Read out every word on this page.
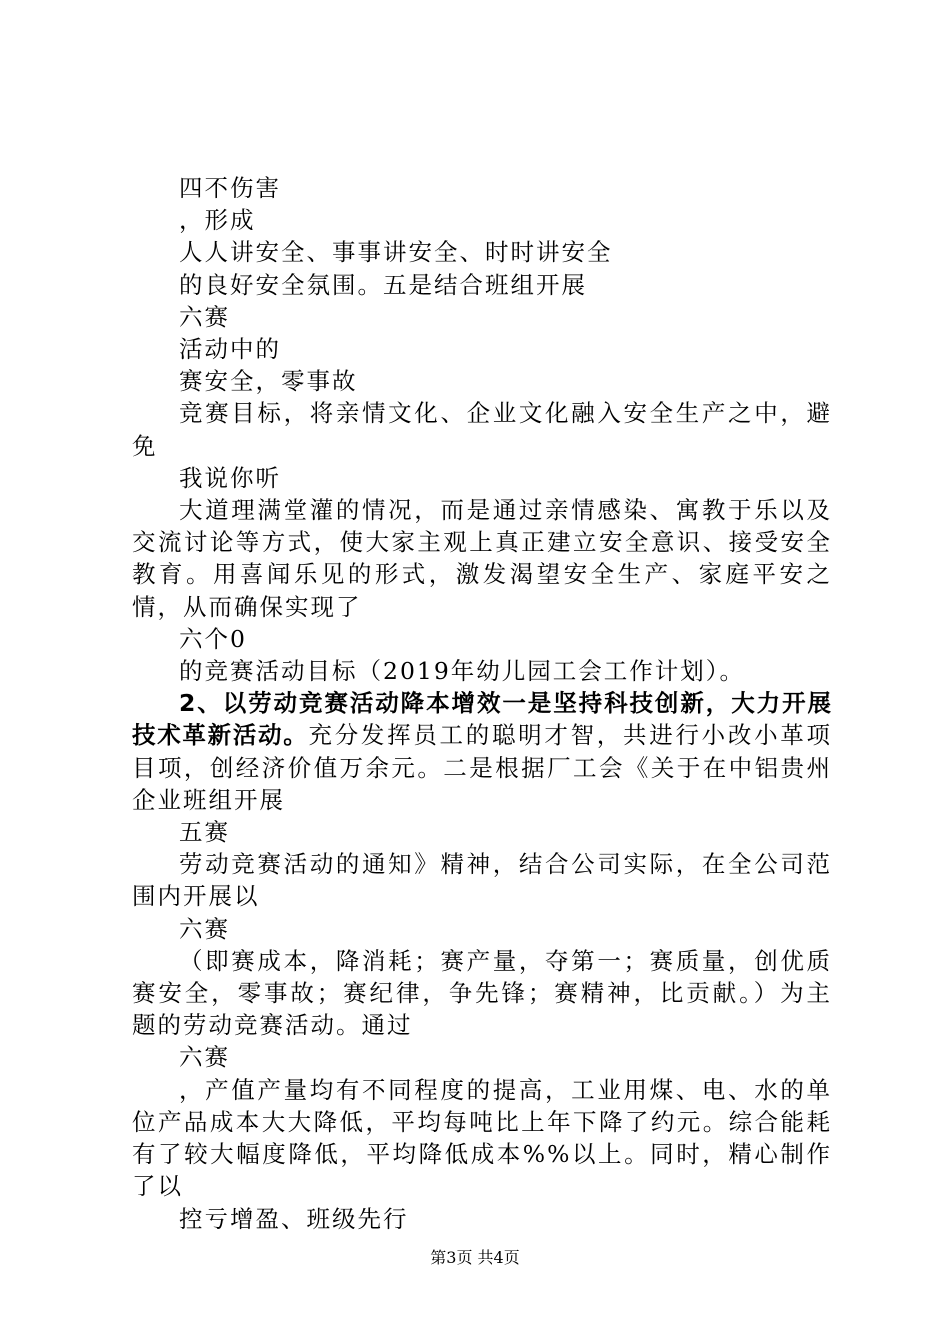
四不伤害

，形成

人人讲安全、事事讲安全、时时讲安全

的良好安全氛围。五是结合班组开展

六赛

活动中的

赛安全，零事故

竞赛目标，将亲情文化、企业文化融入安全生产之中，避免

我说你听

大道理满堂灌的情况，而是通过亲情感染、寓教于乐以及交流讨论等方式，使大家主观上真正建立安全意识、接受安全教育。用喜闻乐见的形式，激发渴望安全生产、家庭平安之情，从而确保实现了

六个0

的竞赛活动目标（2019年幼儿园工会工作计划）。

2、以劳动竞赛活动降本增效一是坚持科技创新，大力开展技术革新活动。充分发挥员工的聪明才智，共进行小改小革项目项，创经济价值万余元。二是根据厂工会《关于在中铝贵州企业班组开展

五赛

劳动竞赛活动的通知》精神，结合公司实际，在全公司范围内开展以

六赛

（即赛成本，降消耗；赛产量，夺第一；赛质量，创优质赛安全，零事故；赛纪律，争先锋；赛精神，比贡献。）为主题的劳动竞赛活动。通过

六赛

，产值产量均有不同程度的提高，工业用煤、电、水的单位产品成本大大降低，平均每吨比上年下降了约元。综合能耗有了较大幅度降低，平均降低成本%%以上。同时，精心制作了以

控亏增盈、班级先行

第3页 共4页
